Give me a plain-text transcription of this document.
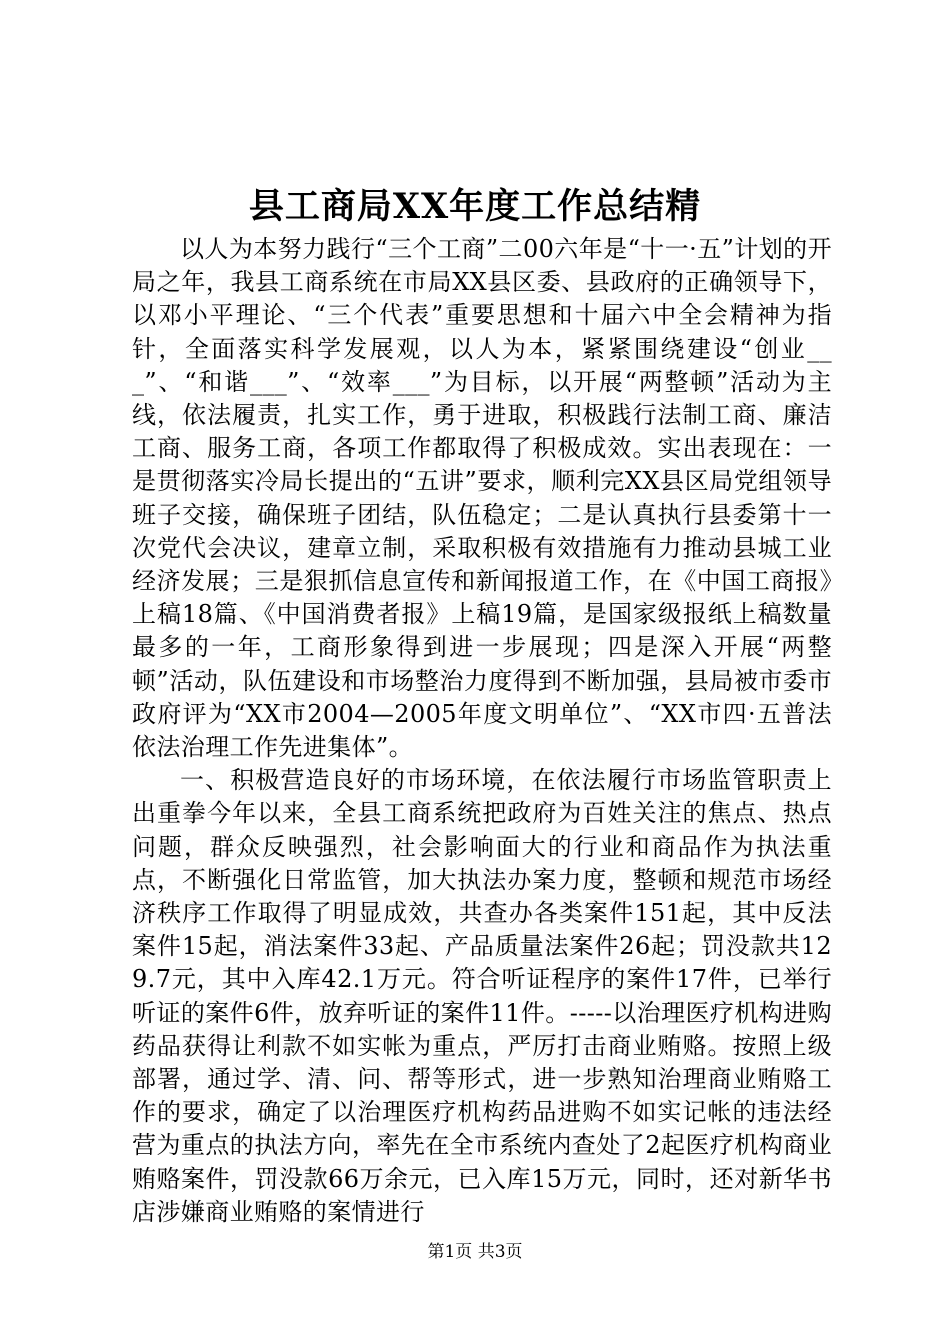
县工商局XX年度工作总结精

以人为本努力践行“三个工商”二00六年是“十一·五”计划的开局之年，我县工商系统在市局XX县区委、县政府的正确领导下，以邓小平理论、“三个代表”重要思想和十届六中全会精神为指针，全面落实科学发展观，以人为本，紧紧围绕建设“创业___”、“和谐___”、“效率___”为目标，以开展“两整顿”活动为主线，依法履责，扎实工作，勇于进取，积极践行法制工商、廉洁工商、服务工商，各项工作都取得了积极成效。实出表现在：一是贯彻落实冷局长提出的“五讲”要求，顺利完XX县区局党组领导班子交接，确保班子团结，队伍稳定；二是认真执行县委第十一次党代会决议，建章立制，采取积极有效措施有力推动县城工业经济发展；三是狠抓信息宣传和新闻报道工作，在《中国工商报》上稿18篇、《中国消费者报》上稿19篇，是国家级报纸上稿数量最多的一年，工商形象得到进一步展现；四是深入开展“两整顿”活动，队伍建设和市场整治力度得到不断加强，县局被市委市政府评为“XX市2004—2005年度文明单位”、“XX市四·五普法依法治理工作先进集体”。

一、积极营造良好的市场环境，在依法履行市场监管职责上出重拳今年以来，全县工商系统把政府为百姓关注的焦点、热点问题，群众反映强烈，社会影响面大的行业和商品作为执法重点，不断强化日常监管，加大执法办案力度，整顿和规范市场经济秩序工作取得了明显成效，共查办各类案件151起，其中反法案件15起，消法案件33起、产品质量法案件26起；罚没款共129.7元，其中入库42.1万元。符合听证程序的案件17件，已举行听证的案件6件，放弃听证的案件11件。-----以治理医疗机构进购药品获得让利款不如实帐为重点，严厉打击商业贿赂。按照上级部署，通过学、清、问、帮等形式，进一步熟知治理商业贿赂工作的要求，确定了以治理医疗机构药品进购不如实记帐的违法经营为重点的执法方向，率先在全市系统内查处了2起医疗机构商业贿赂案件，罚没款66万余元，已入库15万元，同时，还对新华书店涉嫌商业贿赂的案情进行

第1页 共3页
